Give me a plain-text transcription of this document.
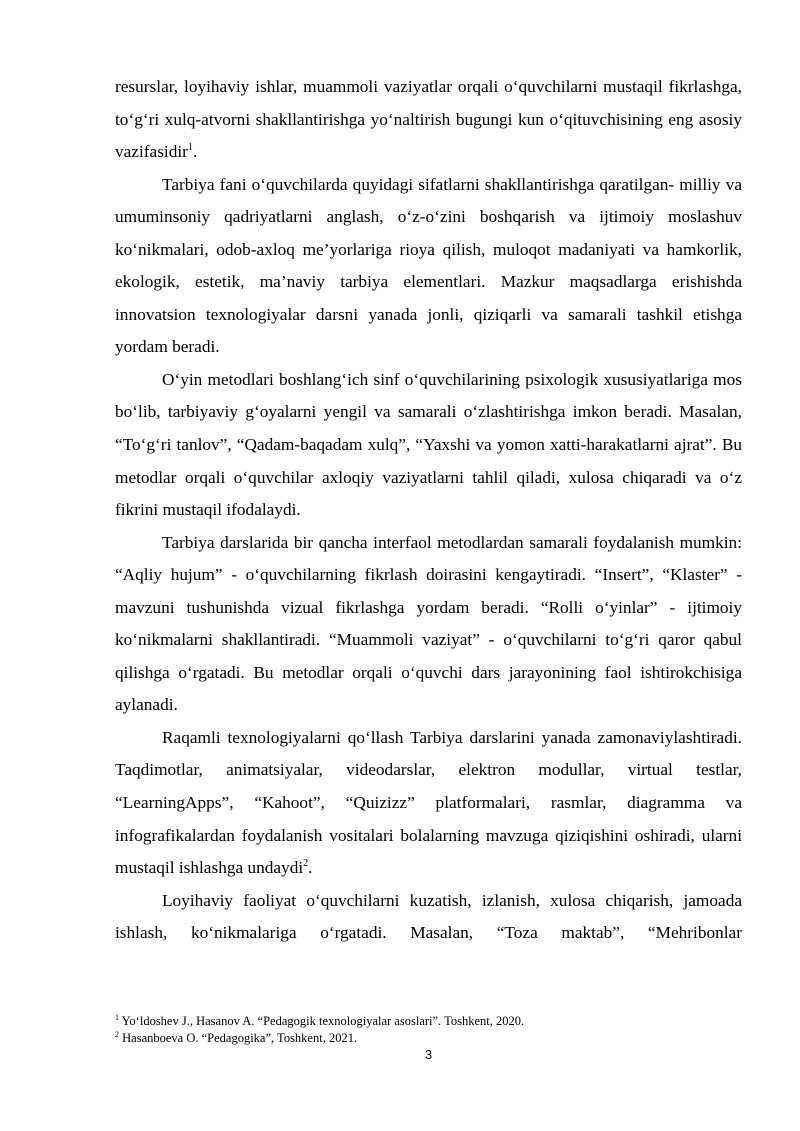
resurslar, loyihaviy ishlar, muammoli vaziyatlar orqali o‘quvchilarni mustaqil fikrlashga, to‘g‘ri xulq-atvorni shakllantirishga yo‘naltirish bugungi kun o‘qituvchisining eng asosiy vazifasidir$^1$.

Tarbiya fani o‘quvchilarda quyidagi sifatlarni shakllantirishga qaratilgan- milliy va umuminsoniy qadriyatlarni anglash, o‘z-o‘zini boshqarish va ijtimoiy moslashuv ko‘nikmalari, odob-axloq me’yorlariga rioya qilish, muloqot madaniyati va hamkorlik, ekologik, estetik, ma’naviy tarbiya elementlari. Mazkur maqsadlarga erishishda innovatsion texnologiyalar darsni yanada jonli, qiziqarli va samarali tashkil etishga yordam beradi.

O‘yin metodlari boshlang‘ich sinf o‘quvchilarining psixologik xususiyatlariga mos bo‘lib, tarbiyaviy g‘oyalarni yengil va samarali o‘zlashtirishga imkon beradi. Masalan, “To‘g‘ri tanlov”, “Qadam-baqadam xulq”, “Yaxshi va yomon xatti-harakatlarni ajrat”. Bu metodlar orqali o‘quvchilar axloqiy vaziyatlarni tahlil qiladi, xulosa chiqaradi va o‘z fikrini mustaqil ifodalaydi.

Tarbiya darslarida bir qancha interfaol metodlardan samarali foydalanish mumkin: “Aqliy hujum” - o‘quvchilarning fikrlash doirasini kengaytiradi. “Insert”, “Klaster” - mavzuni tushunishda vizual fikrlashga yordam beradi. “Rolli o‘yinlar” - ijtimoiy ko‘nikmalarni shakllantiradi. “Muammoli vaziyat” - o‘quvchilarni to‘g‘ri qaror qabul qilishga o‘rgatadi. Bu metodlar orqali o‘quvchi dars jarayonining faol ishtirokchisiga aylanadi.

Raqamli texnologiyalarni qo‘llash Tarbiya darslarini yanada zamonaviylashtiradi. Taqdimotlar, animatsiyalar, videodarslar, elektron modullar, virtual testlar, “LearningApps”, “Kahoot”, “Quizizz” platformalari, rasmlar, diagramma va infografikalardan foydalanish vositalari bolalarning mavzuga qiziqishini oshiradi, ularni mustaqil ishlashga undaydi$^2$.

Loyihaviy faoliyat o‘quvchilarni kuzatish, izlanish, xulosa chiqarish, jamoada ishlash, ko‘nikmalariga o‘rgatadi. Masalan, “Toza maktab”, “Mehribonlar

$^1$ Yo‘ldoshev J., Hasanov A. “Pedagogik texnologiyalar asoslari”. Toshkent, 2020.

$^2$ Hasanboeva O. “Pedagogika”, Toshkent, 2021.

3
